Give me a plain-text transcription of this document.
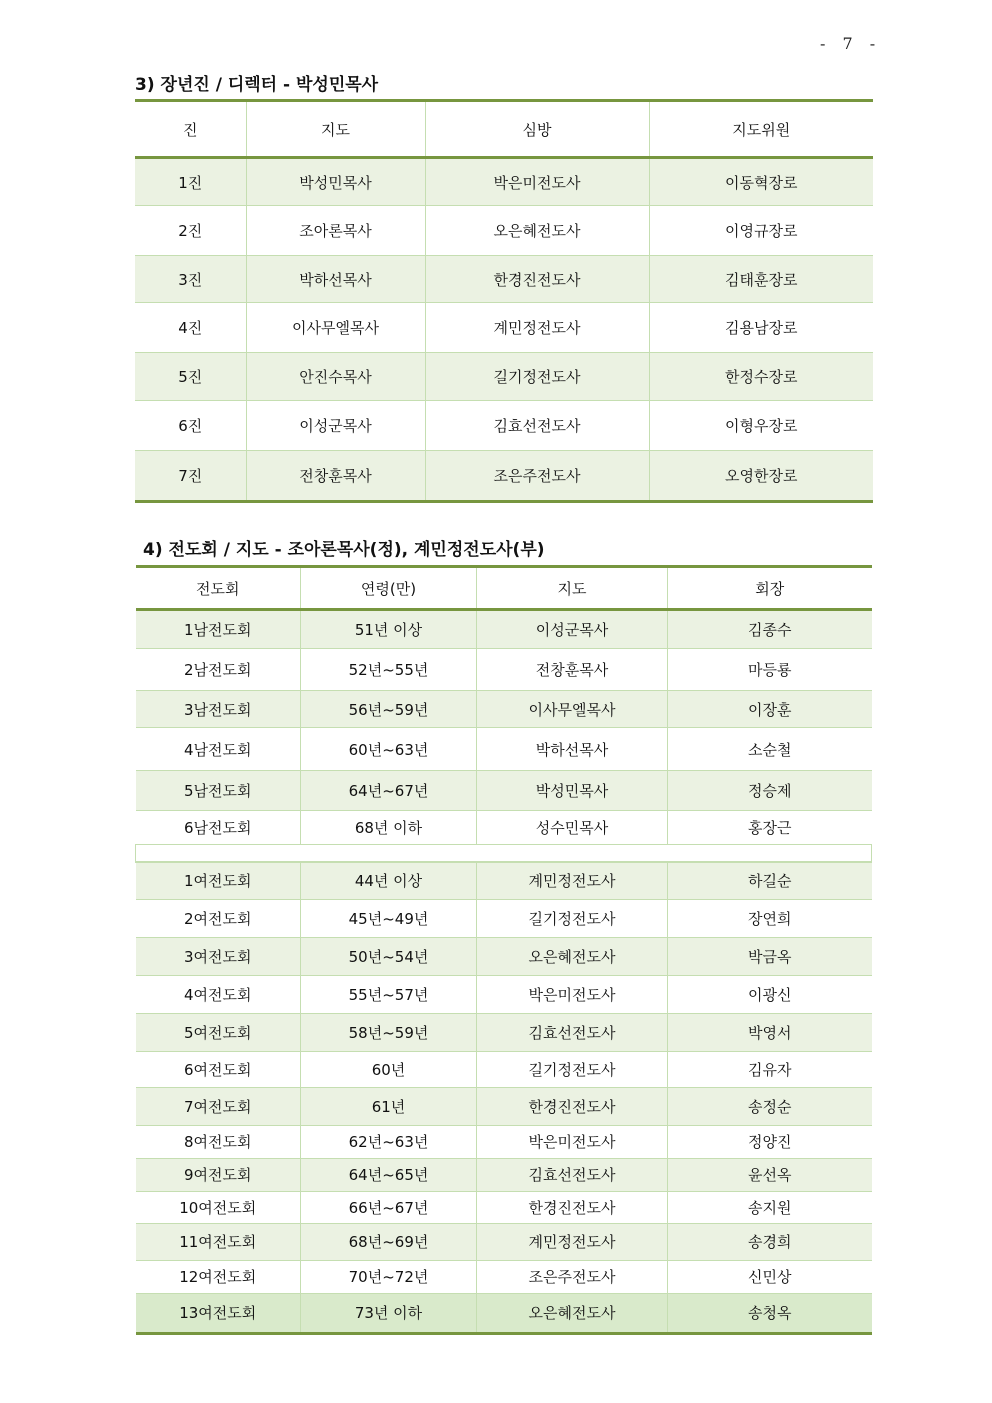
- 7 -
3) 장년진 / 디렉터 - 박성민목사
진	지도	심방	지도위원
1진	박성민목사	박은미전도사	이동혁장로
2진	조아론목사	오은혜전도사	이영규장로
3진	박하선목사	한경진전도사	김태훈장로
4진	이사무엘목사	계민정전도사	김용남장로
5진	안진수목사	길기정전도사	한정수장로
6진	이성군목사	김효선전도사	이형우장로
7진	전창훈목사	조은주전도사	오영한장로
4) 전도회 / 지도 - 조아론목사(정), 계민정전도사(부)
전도회	연령(만)	지도	회장
1남전도회	51년 이상	이성군목사	김종수
2남전도회	52년~55년	전창훈목사	마등룡
3남전도회	56년~59년	이사무엘목사	이장훈
4남전도회	60년~63년	박하선목사	소순철
5남전도회	64년~67년	박성민목사	정승제
6남전도회	68년 이하	성수민목사	홍장근

1여전도회	44년 이상	계민정전도사	하길순
2여전도회	45년~49년	길기정전도사	장연희
3여전도회	50년~54년	오은혜전도사	박금옥
4여전도회	55년~57년	박은미전도사	이광신
5여전도회	58년~59년	김효선전도사	박영서
6여전도회	60년	길기정전도사	김유자
7여전도회	61년	한경진전도사	송정순
8여전도회	62년~63년	박은미전도사	정양진
9여전도회	64년~65년	김효선전도사	윤선옥
10여전도회	66년~67년	한경진전도사	송지원
11여전도회	68년~69년	계민정전도사	송경희
12여전도회	70년~72년	조은주전도사	신민상
13여전도회	73년 이하	오은혜전도사	송청옥
